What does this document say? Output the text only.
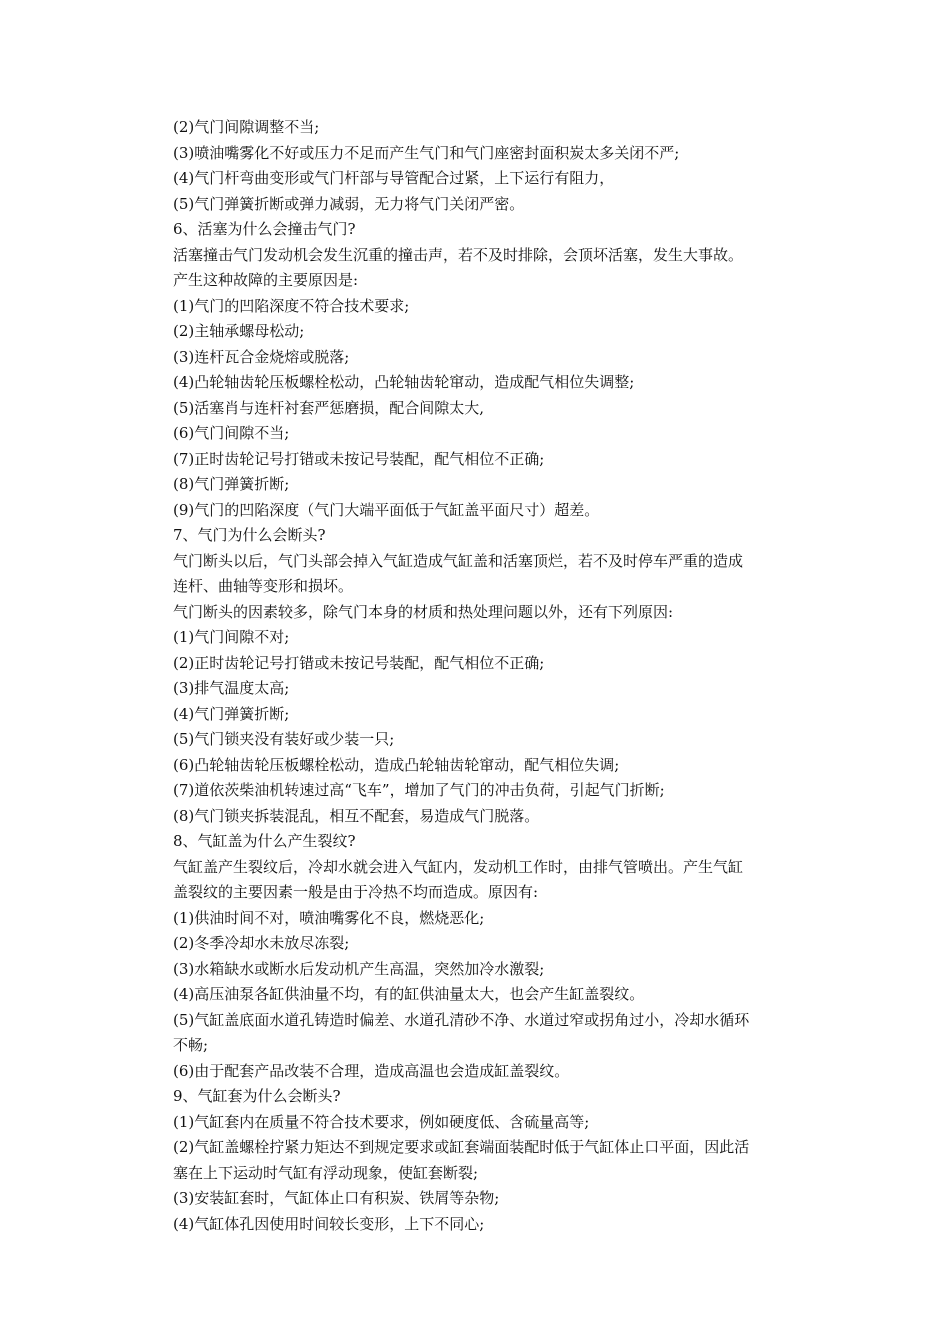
(2)气门间隙调整不当;
(3)喷油嘴雾化不好或压力不足而产生气门和气门座密封面积炭太多关闭不严;
(4)气门杆弯曲变形或气门杆部与导管配合过紧，上下运行有阻力，
(5)气门弹簧折断或弹力减弱，无力将气门关闭严密。
6、活塞为什么会撞击气门?
活塞撞击气门发动机会发生沉重的撞击声，若不及时排除，会顶坏活塞，发生大事故。
产生这种故障的主要原因是:
(1)气门的凹陷深度不符合技术要求;
(2)主轴承螺母松动;
(3)连杆瓦合金烧熔或脱落;
(4)凸轮轴齿轮压板螺栓松动，凸轮轴齿轮窜动，造成配气相位失调整;
(5)活塞肖与连杆衬套严惩磨损，配合间隙太大,
(6)气门间隙不当;
(7)正时齿轮记号打错或未按记号装配，配气相位不正确;
(8)气门弹簧折断;
(9)气门的凹陷深度（气门大端平面低于气缸盖平面尺寸）超差。
7、气门为什么会断头?
气门断头以后，气门头部会掉入气缸造成气缸盖和活塞顶烂，若不及时停车严重的造成
连杆、曲轴等变形和损坏。
气门断头的因素较多，除气门本身的材质和热处理问题以外，还有下列原因:
(1)气门间隙不对;
(2)正时齿轮记号打错或未按记号装配，配气相位不正确;
(3)排气温度太高;
(4)气门弹簧折断;
(5)气门锁夹没有装好或少装一只;
(6)凸轮轴齿轮压板螺栓松动，造成凸轮轴齿轮窜动，配气相位失调;
(7)道依茨柴油机转速过高“飞车”，增加了气门的冲击负荷，引起气门折断;
(8)气门锁夹拆装混乱，相互不配套，易造成气门脱落。
8、气缸盖为什么产生裂纹?
气缸盖产生裂纹后，冷却水就会进入气缸内，发动机工作时，由排气管喷出。产生气缸
盖裂纹的主要因素一般是由于冷热不均而造成。原因有:
(1)供油时间不对，喷油嘴雾化不良，燃烧恶化;
(2)冬季冷却水未放尽冻裂;
(3)水箱缺水或断水后发动机产生高温，突然加冷水激裂;
(4)高压油泵各缸供油量不均，有的缸供油量太大，也会产生缸盖裂纹。
(5)气缸盖底面水道孔铸造时偏差、水道孔清砂不净、水道过窄或拐角过小，冷却水循环
不畅;
(6)由于配套产品改装不合理，造成高温也会造成缸盖裂纹。
9、气缸套为什么会断头?
(1)气缸套内在质量不符合技术要求，例如硬度低、含硫量高等;
(2)气缸盖螺栓拧紧力矩达不到规定要求或缸套端面装配时低于气缸体止口平面，因此活
塞在上下运动时气缸有浮动现象，使缸套断裂;
(3)安装缸套时，气缸体止口有积炭、铁屑等杂物;
(4)气缸体孔因使用时间较长变形，上下不同心;
